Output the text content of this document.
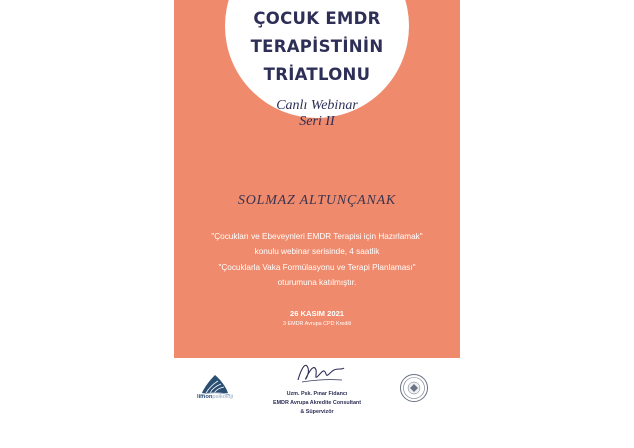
ÇOCUK EMDR
TERAPİSTİNİN
TRİATLONU
Canlı Webinar
Seri II
SOLMAZ ALTUNÇANAK
"Çocukları ve Ebeveynleri EMDR Terapisi için Hazırlamak"
konulu webinar serisinde, 4 saatlik
"Çocuklarla Vaka Formülasyonu ve Terapi Planlaması"
oturumuna katılmıştır.
26 KASIM 2021
3 EMDR Avrupa CPD Kredili
limonpsikoloji	Uzm. Psk. Pınar Fidancı
EMDR Avrupa Akredite Consultant
& Süpervizör
